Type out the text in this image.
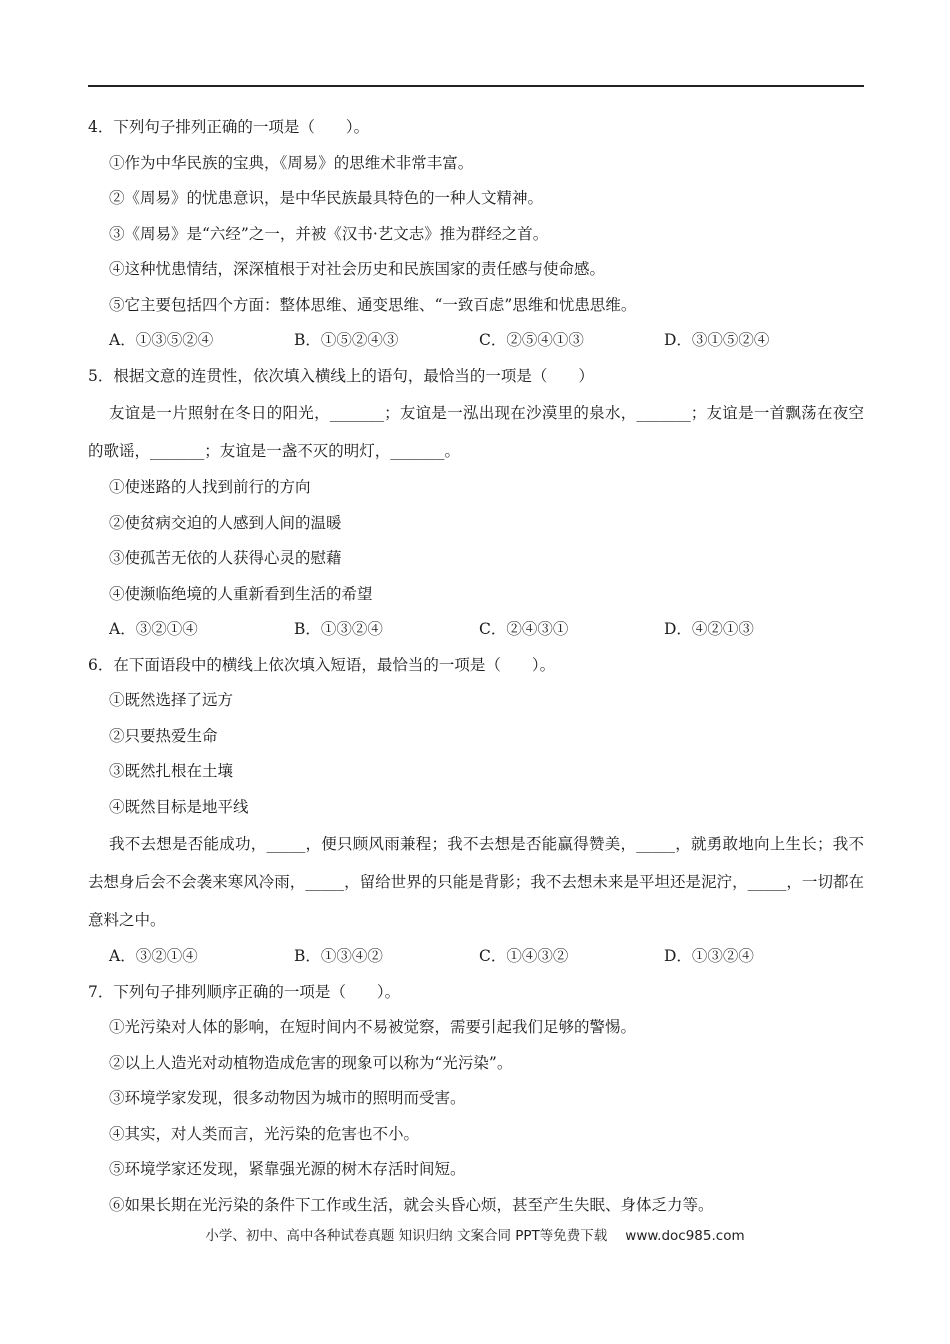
4．下列句子排列正确的一项是（　　）。
①作为中华民族的宝典，《周易》的思维术非常丰富。
②《周易》的忧患意识，是中华民族最具特色的一种人文精神。
③《周易》是“六经”之一，并被《汉书·艺文志》推为群经之首。
④这种忧患情结，深深植根于对社会历史和民族国家的责任感与使命感。
⑤它主要包括四个方面：整体思维、通变思维、“一致百虑”思维和忧患思维。
A．①③⑤②④	B．①⑤②④③	C．②⑤④①③	D．③①⑤②④
5．根据文意的连贯性，依次填入横线上的语句，最恰当的一项是（　　）
友谊是一片照射在冬日的阳光，_______；友谊是一泓出现在沙漠里的泉水，_______；友谊是一首飘荡在夜空的歌谣，_______；友谊是一盏不灭的明灯，_______。
①使迷路的人找到前行的方向
②使贫病交迫的人感到人间的温暖
③使孤苦无依的人获得心灵的慰藉
④使濒临绝境的人重新看到生活的希望
A．③②①④	B．①③②④	C．②④③①	D．④②①③
6．在下面语段中的横线上依次填入短语，最恰当的一项是（　　）。
①既然选择了远方
②只要热爱生命
③既然扎根在土壤
④既然目标是地平线
我不去想是否能成功，_____，便只顾风雨兼程；我不去想是否能赢得赞美，_____，就勇敢地向上生长；我不去想身后会不会袭来寒风冷雨，_____，留给世界的只能是背影；我不去想未来是平坦还是泥泞，_____，一切都在意料之中。
A．③②①④	B．①③④②	C．①④③②	D．①③②④
7．下列句子排列顺序正确的一项是（　　）。
①光污染对人体的影响，在短时间内不易被觉察，需要引起我们足够的警惕。
②以上人造光对动植物造成危害的现象可以称为“光污染”。
③环境学家发现，很多动物因为城市的照明而受害。
④其实，对人类而言，光污染的危害也不小。
⑤环境学家还发现，紧靠强光源的树木存活时间短。
⑥如果长期在光污染的条件下工作或生活，就会头昏心烦，甚至产生失眠、身体乏力等。
小学、初中、高中各种试卷真题 知识归纳 文案合同 PPT等免费下载 www.doc985.com
